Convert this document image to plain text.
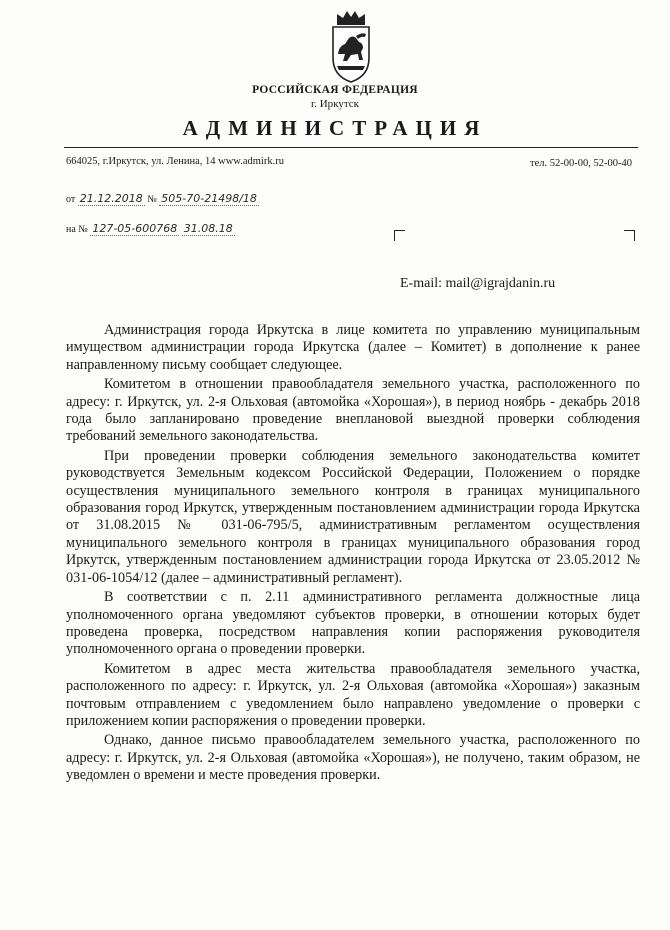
РОССИЙСКАЯ ФЕДЕРАЦИЯ
г. Иркутск
АДМИНИСТРАЦИЯ
664025, г.Иркутск, ул. Ленина, 14 www.admirk.ru	тел. 52-00-00, 52-00-40
от 21.12.2018 № 505-70-21498/18
на № 127-05-600768 31.08.18
E-mail: mail@igrajdanin.ru

Администрация города Иркутска в лице комитета по управлению муниципальным имуществом администрации города Иркутска (далее – Комитет) в дополнение к ранее направленному письму сообщает следующее.

Комитетом в отношении правообладателя земельного участка, расположенного по адресу: г. Иркутск, ул. 2-я Ольховая (автомойка «Хорошая»), в период ноябрь - декабрь 2018 года было запланировано проведение внеплановой выездной проверки соблюдения требований земельного законодательства.

При проведении проверки соблюдения земельного законодательства комитет руководствуется Земельным кодексом Российской Федерации, Положением о порядке осуществления муниципального земельного контроля в границах муниципального образования город Иркутск, утвержденным постановлением администрации города Иркутска от 31.08.2015 № 031-06-795/5, административным регламентом осуществления муниципального земельного контроля в границах муниципального образования город Иркутск, утвержденным постановлением администрации города Иркутска от 23.05.2012 № 031-06-1054/12 (далее – административный регламент).

В соответствии с п. 2.11 административного регламента должностные лица уполномоченного органа уведомляют субъектов проверки, в отношении которых будет проведена проверка, посредством направления копии распоряжения руководителя уполномоченного органа о проведении проверки.

Комитетом в адрес места жительства правообладателя земельного участка, расположенного по адресу: г. Иркутск, ул. 2-я Ольховая (автомойка «Хорошая») заказным почтовым отправлением с уведомлением было направлено уведомление о проверки с приложением копии распоряжения о проведении проверки.

Однако, данное письмо правообладателем земельного участка, расположенного по адресу: г. Иркутск, ул. 2-я Ольховая (автомойка «Хорошая»), не получено, таким образом, не уведомлен о времени и месте проведения проверки.
